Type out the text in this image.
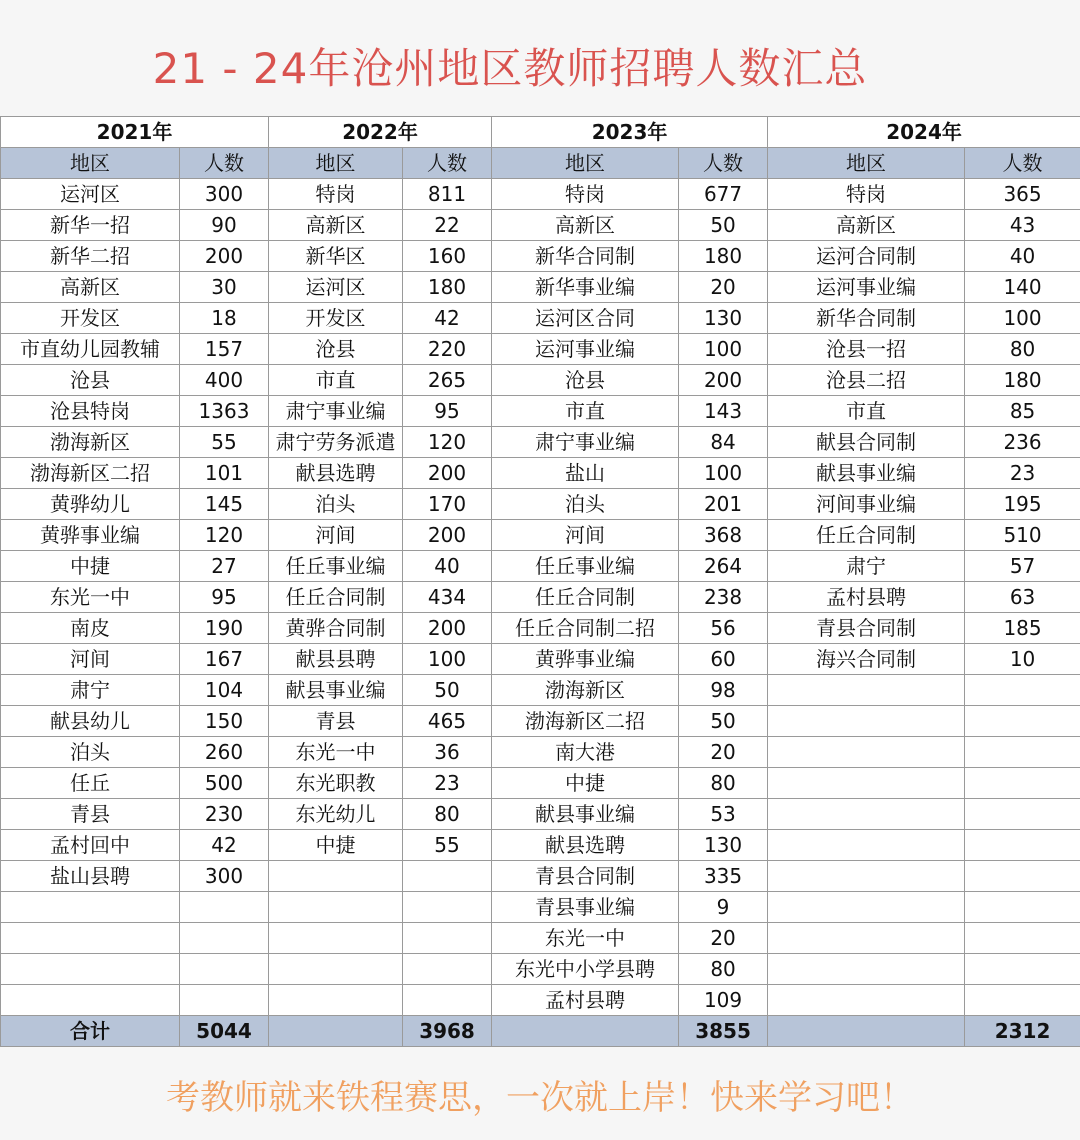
21 - 24年沧州地区教师招聘人数汇总
2021年		2022年		2023年		2024年	
地区	人数	地区	人数	地区	人数	地区	人数
运河区	300	特岗	811	特岗	677	特岗	365
新华一招	90	高新区	22	高新区	50	高新区	43
新华二招	200	新华区	160	新华合同制	180	运河合同制	40
高新区	30	运河区	180	新华事业编	20	运河事业编	140
开发区	18	开发区	42	运河区合同	130	新华合同制	100
市直幼儿园教辅	157	沧县	220	运河事业编	100	沧县一招	80
沧县	400	市直	265	沧县	200	沧县二招	180
沧县特岗	1363	肃宁事业编	95	市直	143	市直	85
渤海新区	55	肃宁劳务派遣	120	肃宁事业编	84	献县合同制	236
渤海新区二招	101	献县选聘	200	盐山	100	献县事业编	23
黄骅幼儿	145	泊头	170	泊头	201	河间事业编	195
黄骅事业编	120	河间	200	河间	368	任丘合同制	510
中捷	27	任丘事业编	40	任丘事业编	264	肃宁	57
东光一中	95	任丘合同制	434	任丘合同制	238	孟村县聘	63
南皮	190	黄骅合同制	200	任丘合同制二招	56	青县合同制	185
河间	167	献县县聘	100	黄骅事业编	60	海兴合同制	10
肃宁	104	献县事业编	50	渤海新区	98		
献县幼儿	150	青县	465	渤海新区二招	50		
泊头	260	东光一中	36	南大港	20		
任丘	500	东光职教	23	中捷	80		
青县	230	东光幼儿	80	献县事业编	53		
孟村回中	42	中捷	55	献县选聘	130		
盐山县聘	300			青县合同制	335		
				青县事业编	9		
				东光一中	20		
				东光中小学县聘	80		
				孟村县聘	109		
合计	5044		3968		3855		2312
考教师就来铁程赛思，一次就上岸！快来学习吧！
